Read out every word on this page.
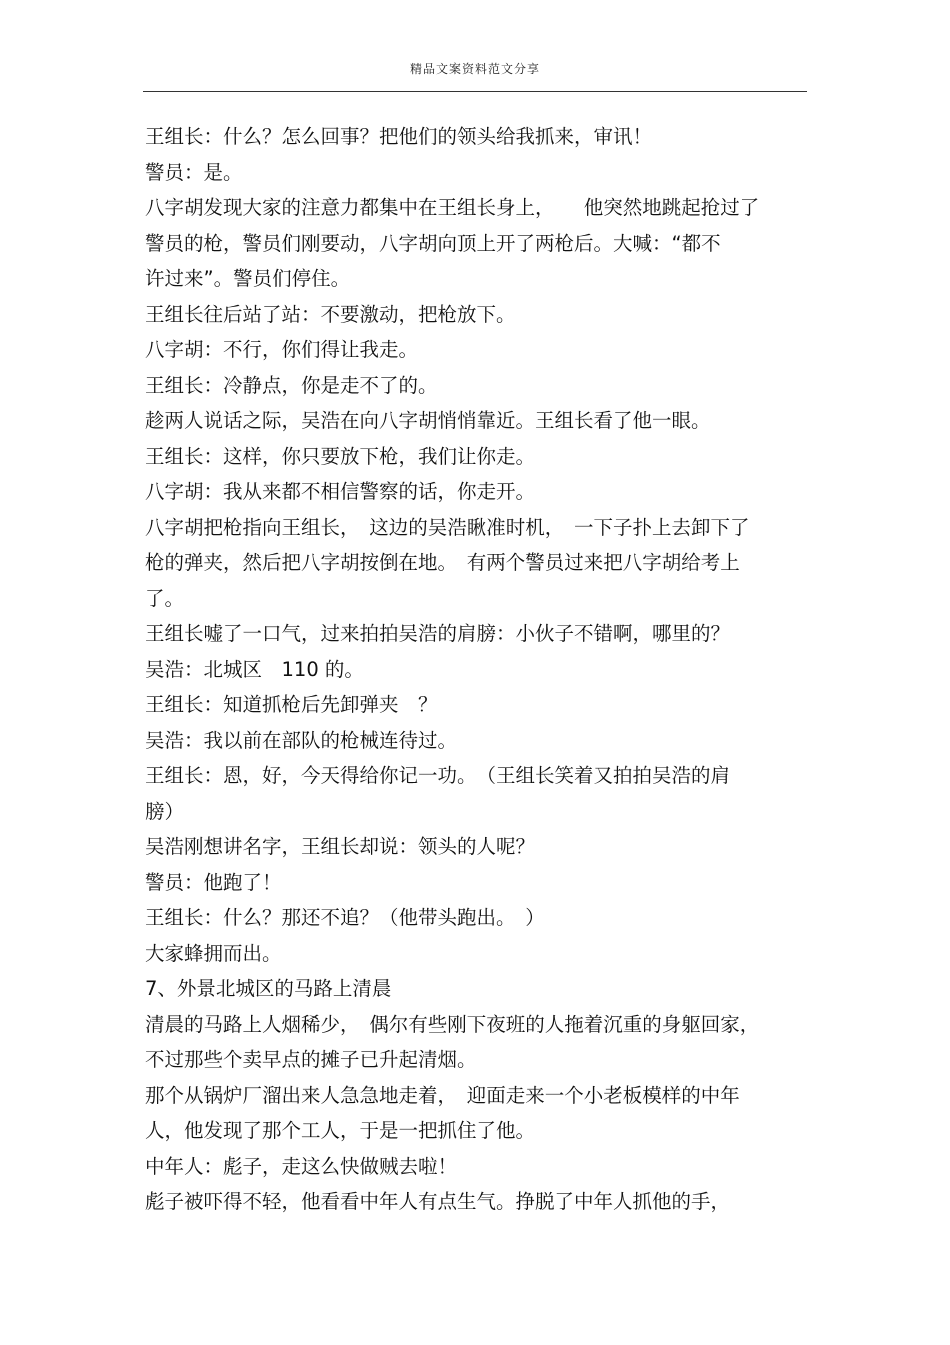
精品文案资料范文分享
王组长：什么？怎么回事？把他们的领头给我抓来，审讯！
警员：是。
八字胡发现大家的注意力都集中在王组长身上，　　他突然地跳起抢过了
警员的枪，警员们刚要动，八字胡向顶上开了两枪后。大喊：“都不
许过来”。警员们停住。
王组长往后站了站：不要激动，把枪放下。
八字胡：不行，你们得让我走。
王组长：冷静点，你是走不了的。
趁两人说话之际，吴浩在向八字胡悄悄靠近。王组长看了他一眼。
王组长：这样，你只要放下枪，我们让你走。
八字胡：我从来都不相信警察的话，你走开。
八字胡把枪指向王组长，　这边的吴浩瞅准时机，　一下子扑上去卸下了
枪的弹夹，然后把八字胡按倒在地。　有两个警员过来把八字胡给考上
了。
王组长嘘了一口气，过来拍拍吴浩的肩膀：小伙子不错啊，哪里的？
吴浩：北城区　110 的。
王组长：知道抓枪后先卸弹夹　？
吴浩：我以前在部队的枪械连待过。
王组长：恩，好，今天得给你记一功。　（王组长笑着又拍拍吴浩的肩
膀）
吴浩刚想讲名字，王组长却说：领头的人呢？
警员：他跑了！
王组长：什么？那还不追？（他带头跑出。　）
大家蜂拥而出。
7、外景北城区的马路上清晨
清晨的马路上人烟稀少，　偶尔有些刚下夜班的人拖着沉重的身躯回家，
不过那些个卖早点的摊子已升起清烟。
那个从锅炉厂溜出来人急急地走着，　迎面走来一个小老板模样的中年
人，他发现了那个工人，于是一把抓住了他。
中年人：彪子，走这么快做贼去啦！
彪子被吓得不轻，他看看中年人有点生气。挣脱了中年人抓他的手，
